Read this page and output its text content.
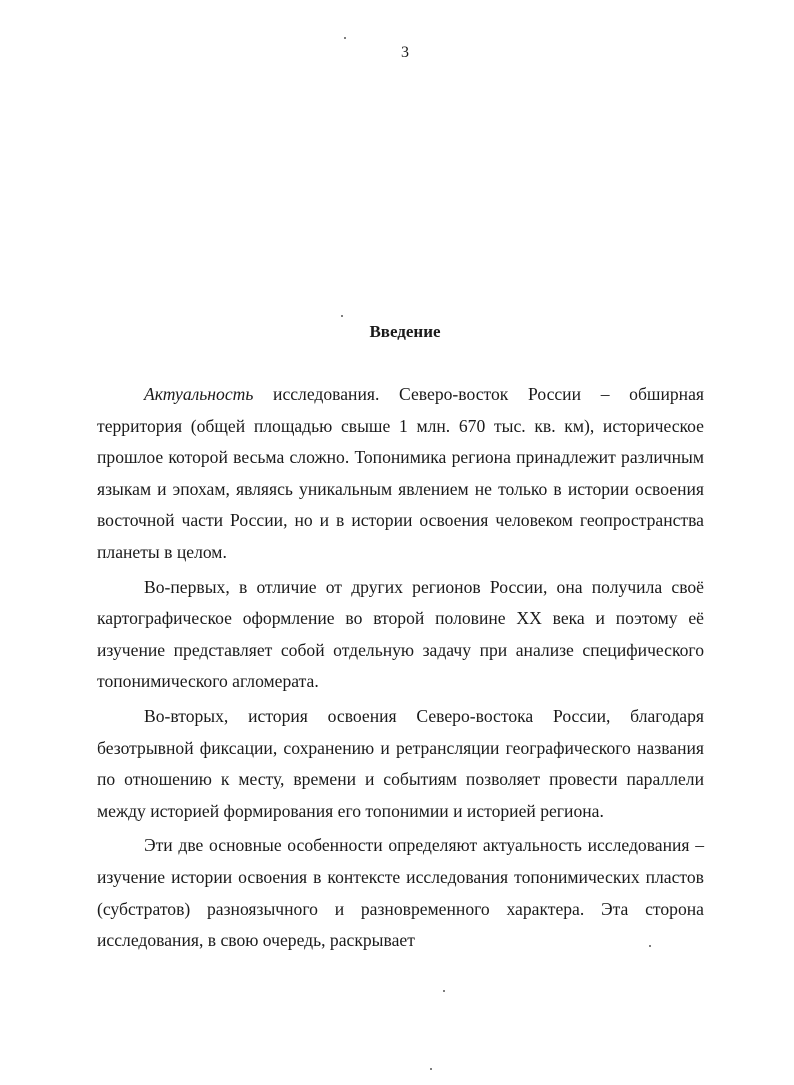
3
Введение

Актуальность исследования. Северо-восток России – обширная территория (общей площадью свыше 1 млн. 670 тыс. кв. км), историческое прошлое которой весьма сложно. Топонимика региона принадлежит различным языкам и эпохам, являясь уникальным явлением не только в истории освоения восточной части России, но и в истории освоения человеком геопространства планеты в целом.

Во-первых, в отличие от других регионов России, она получила своё картографическое оформление во второй половине XX века и поэтому её изучение представляет собой отдельную задачу при анализе специфического топонимического агломерата.

Во-вторых, история освоения Северо-востока России, благодаря безотрывной фиксации, сохранению и ретрансляции географического названия по отношению к месту, времени и событиям позволяет провести параллели между историей формирования его топонимии и историей региона.

Эти две основные особенности определяют актуальность исследования – изучение истории освоения в контексте исследования топонимических пластов (субстратов) разноязычного и разновременного характера. Эта сторона исследования, в свою очередь, раскрывает
